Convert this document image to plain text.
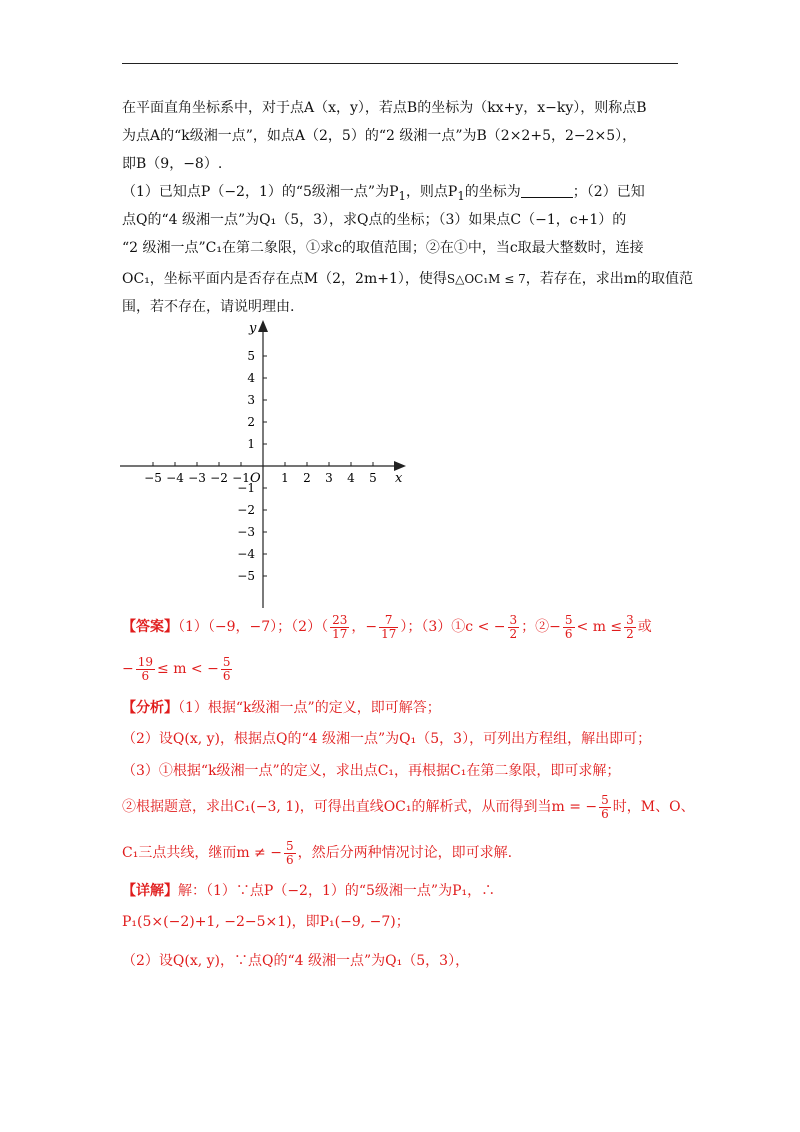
在平面直角坐标系中，对于点A（x，y），若点B的坐标为（kx+y，x−ky），则称点B
为点A的“k级湘一点”，如点A（2，5）的“2 级湘一点”为B（2×2+5，2−2×5），
即B（9，−8）.
（1）已知点P（−2，1）的“5级湘一点”为$P_1$，则点$P_1$的坐标为	；（2）已知
点Q的“4 级湘一点”为Q₁（5，3），求Q点的坐标；（3）如果点C（−1，c+1）的
“2 级湘一点”C₁在第二象限，①求c的取值范围；②在①中，当c取最大整数时，连接
OC₁，坐标平面内是否存在点M（2，2m+1），使得S△OC₁M ≤ 7，若存在，求出m的取值范
围，若不存在，请说明理由.
−5 −4 −3 −2 −1	1 2 3 4 5
5
4
3
2
1
−1
−2
−3
−4
−5
x
y
O
【答案】（1）（−9，−7）；$(2)( \frac{23}{17}$ ，− $\frac{7}{17}$ ）；（3）①c < − $\frac{3}{2}$ ；②− $\frac{5}{6} < m \le \frac{3}{2}$ 或
− $\frac{19}{6} \le m$ < − $\frac{5}{6}$
【分析】（1）根据“k级湘一点”的定义，即可解答；
（2）设Q(x, y)，根据点Q的“4 级湘一点”为Q₁（5，3），可列出方程组，解出即可；
（3）①根据“k级湘一点”的定义，求出点C₁，再根据C₁在第二象限，即可求解；
②根据题意，求出C₁(−3, 1)，可得出直线OC₁的解析式，从而得到当m = − $\frac{5}{6}$ 时，M、O、
C₁三点共线，继而m ≠ − $\frac{5}{6}$ ，然后分两种情况讨论，即可求解.
【详解】解：（1）∵点P（−2，1）的“5级湘一点”为P₁，∴
P₁(5×(−2)+1, −2−5×1)，即P₁(−9, −7)；
（2）设Q(x, y)，∵点Q的“4 级湘一点”为Q₁（5，3），
